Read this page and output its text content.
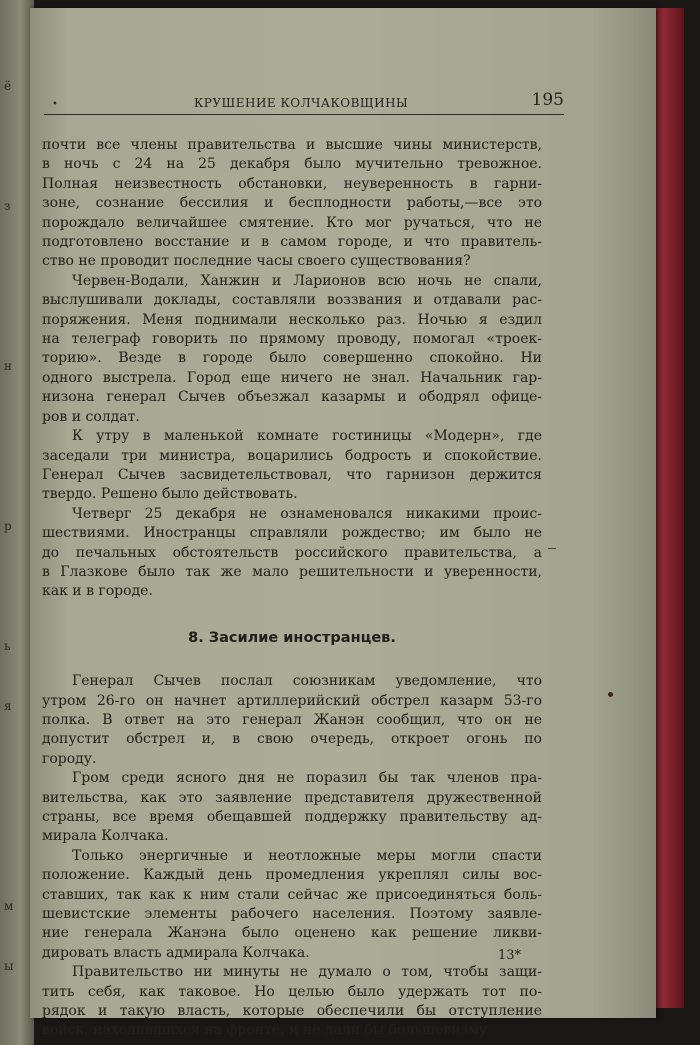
ё
з
н
р
ь
я
м
ы
•	КРУШЕНИЕ КОЛЧАКОВЩИНЫ	195

почти все члены правительства и высшие чины министерств,
в ночь с 24 на 25 декабря было мучительно тревожное.
Полная неизвестность обстановки, неуверенность в гарни-
зоне, сознание бессилия и бесплодности работы,—все это
порождало величайшее смятение. Кто мог ручаться, что не
подготовлено восстание и в самом городе, и что правитель-
ство не проводит последние часы своего существования?

Червен-Водали, Ханжин и Ларионов всю ночь не спали,
выслушивали доклады, составляли воззвания и отдавали рас-
поряжения. Меня поднимали несколько раз. Ночью я ездил
на телеграф говорить по прямому проводу, помогал «троек-
торию». Везде в городе было совершенно спокойно. Ни
одного выстрела. Город еще ничего не знал. Начальник гар-
низона генерал Сычев объезжал казармы и ободрял офице-
ров и солдат.

К утру в маленькой комнате гостиницы «Модерн», где
заседали три министра, воцарились бодрость и спокойствие.
Генерал Сычев засвидетельствовал, что гарнизон держится
твердо. Решено было действовать.

Четверг 25 декабря не ознаменовался никакими проис-
шествиями. Иностранцы справляли рождество; им было не
до печальных обстоятельств российского правительства, а
в Глазкове было так же мало решительности и уверенности,
как и в городе.

8. Засилие иностранцев.

Генерал Сычев послал союзникам уведомление, что
утром 26-го он начнет артиллерийский обстрел казарм 53-го
полка. В ответ на это генерал Жанэн сообщил, что он не
допустит обстрел и, в свою очередь, откроет огонь по
городу.

Гром среди ясного дня не поразил бы так членов пра-
вительства, как это заявление представителя дружественной
страны, все время обещавшей поддержку правительству ад-
мирала Колчака.

Только энергичные и неотложные меры могли спасти
положение. Каждый день промедления укреплял силы вос-
ставших, так как к ним стали сейчас же присоединяться боль-
шевистские элементы рабочего населения. Поэтому заявле-
ние генерала Жанэна было оценено как решение ликви-
дировать власть адмирала Колчака.

Правительство ни минуты не думало о том, чтобы защи-
тить себя, как таковое. Но целью было удержать тот по-
рядок и такую власть, которые обеспечили бы отступление
войск, находившихся на фронте, и не дали бы большевизму

13*
